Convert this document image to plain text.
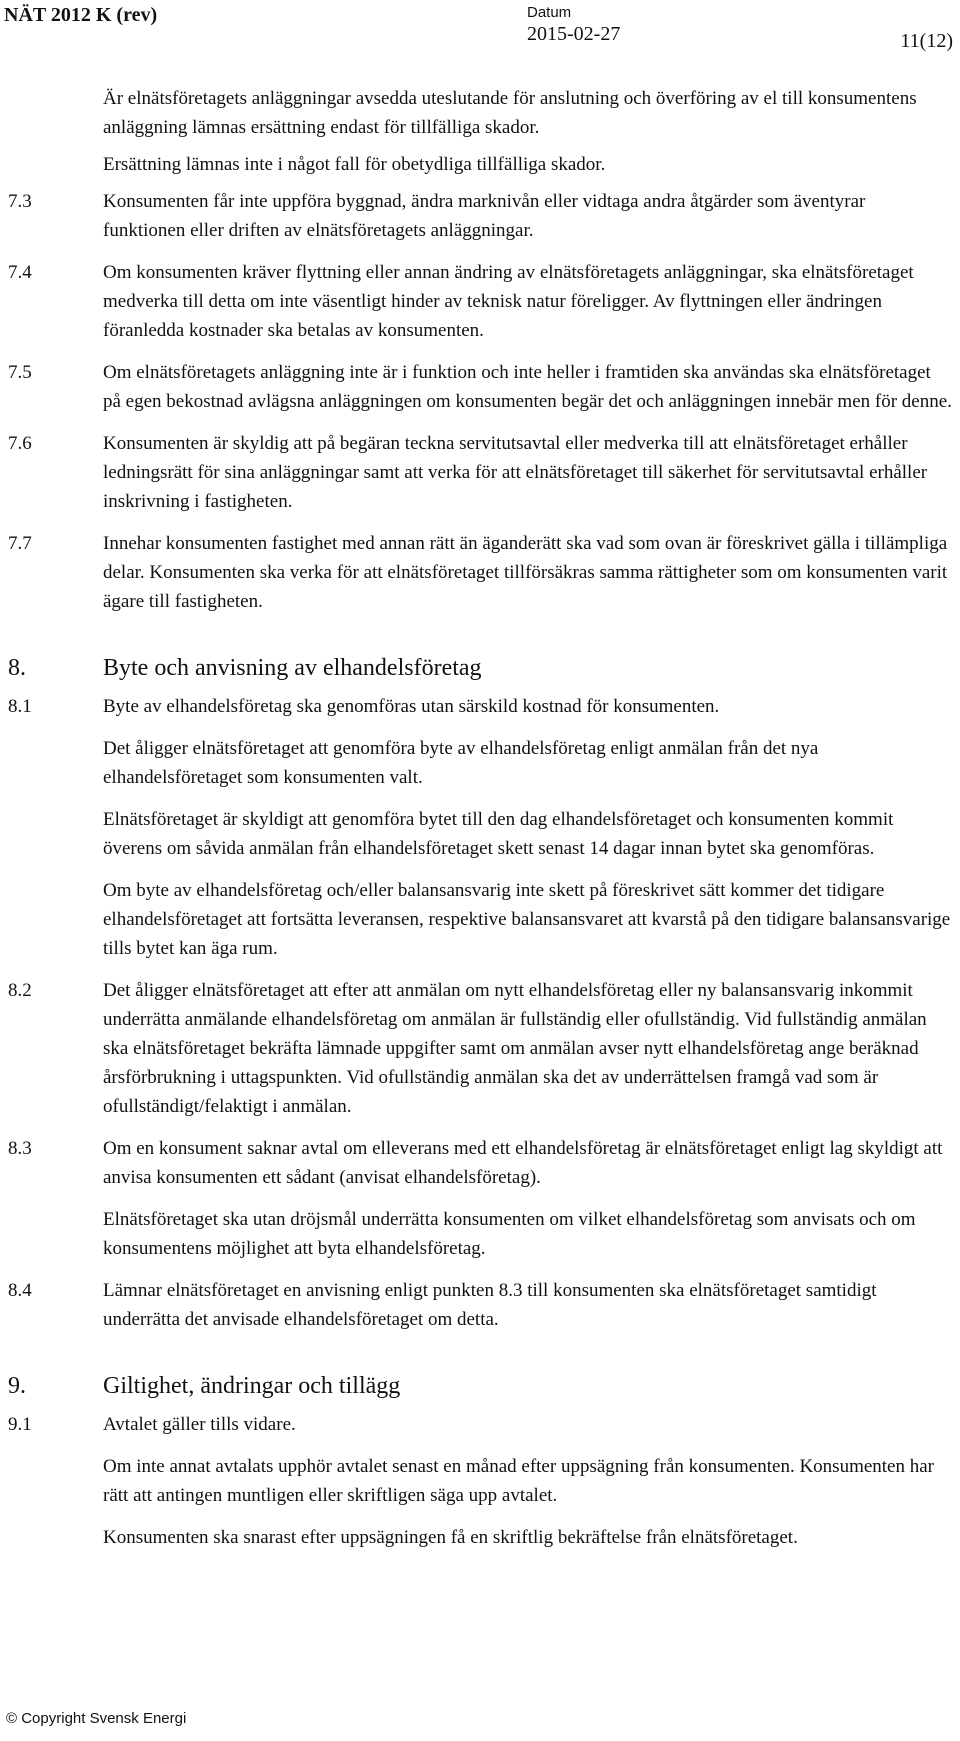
NÄT 2012 K (rev)	Datum
2015-02-27	11(12)
Är elnätsföretagets anläggningar avsedda uteslutande för anslutning och överföring av el till konsumentens anläggning lämnas ersättning endast för tillfälliga skador.
Ersättning lämnas inte i något fall för obetydliga tillfälliga skador.
7.3	Konsumenten får inte uppföra byggnad, ändra marknivån eller vidtaga andra åtgärder som äventyrar funktionen eller driften av elnätsföretagets anläggningar.
7.4	Om konsumenten kräver flyttning eller annan ändring av elnätsföretagets anläggningar, ska elnätsföretaget medverka till detta om inte väsentligt hinder av teknisk natur föreligger. Av flyttningen eller ändringen föranledda kostnader ska betalas av konsumenten.
7.5	Om elnätsföretagets anläggning inte är i funktion och inte heller i framtiden ska användas ska elnätsföretaget på egen bekostnad avlägsna anläggningen om konsumenten begär det och anläggningen innebär men för denne.
7.6	Konsumenten är skyldig att på begäran teckna servitutsavtal eller medverka till att elnätsföretaget erhåller ledningsrätt för sina anläggningar samt att verka för att elnätsföretaget till säkerhet för servitutsavtal erhåller inskrivning i fastigheten.
7.7	Innehar konsumenten fastighet med annan rätt än äganderätt ska vad som ovan är föreskrivet gälla i tillämpliga delar. Konsumenten ska verka för att elnätsföretaget tillförsäkras samma rättigheter som om konsumenten varit ägare till fastigheten.
8.	Byte och anvisning av elhandelsföretag
8.1	Byte av elhandelsföretag ska genomföras utan särskild kostnad för konsumenten.
Det åligger elnätsföretaget att genomföra byte av elhandelsföretag enligt anmälan från det nya elhandelsföretaget som konsumenten valt.
Elnätsföretaget är skyldigt att genomföra bytet till den dag elhandelsföretaget och konsumenten kommit överens om såvida anmälan från elhandelsföretaget skett senast 14 dagar innan bytet ska genomföras.
Om byte av elhandelsföretag och/eller balansansvarig inte skett på föreskrivet sätt kommer det tidigare elhandelsföretaget att fortsätta leveransen, respektive balansansvaret att kvarstå på den tidigare balansansvarige tills bytet kan äga rum.
8.2	Det åligger elnätsföretaget att efter att anmälan om nytt elhandelsföretag eller ny balansansvarig inkommit underrätta anmälande elhandelsföretag om anmälan är fullständig eller ofullständig. Vid fullständig anmälan ska elnätsföretaget bekräfta lämnade uppgifter samt om anmälan avser nytt elhandelsföretag ange beräknad årsförbrukning i uttagspunkten. Vid ofullständig anmälan ska det av underrättelsen framgå vad som är ofullständigt/felaktigt i anmälan.
8.3	Om en konsument saknar avtal om elleverans med ett elhandelsföretag är elnätsföretaget enligt lag skyldigt att anvisa konsumenten ett sådant (anvisat elhandelsföretag).
Elnätsföretaget ska utan dröjsmål underrätta konsumenten om vilket elhandelsföretag som anvisats och om konsumentens möjlighet att byta elhandelsföretag.
8.4	Lämnar elnätsföretaget en anvisning enligt punkten 8.3 till konsumenten ska elnätsföretaget samtidigt underrätta det anvisade elhandelsföretaget om detta.
9.	Giltighet, ändringar och tillägg
9.1	Avtalet gäller tills vidare.
Om inte annat avtalats upphör avtalet senast en månad efter uppsägning från konsumenten. Konsumenten har rätt att antingen muntligen eller skriftligen säga upp avtalet.
Konsumenten ska snarast efter uppsägningen få en skriftlig bekräftelse från elnätsföretaget.
© Copyright Svensk Energi
